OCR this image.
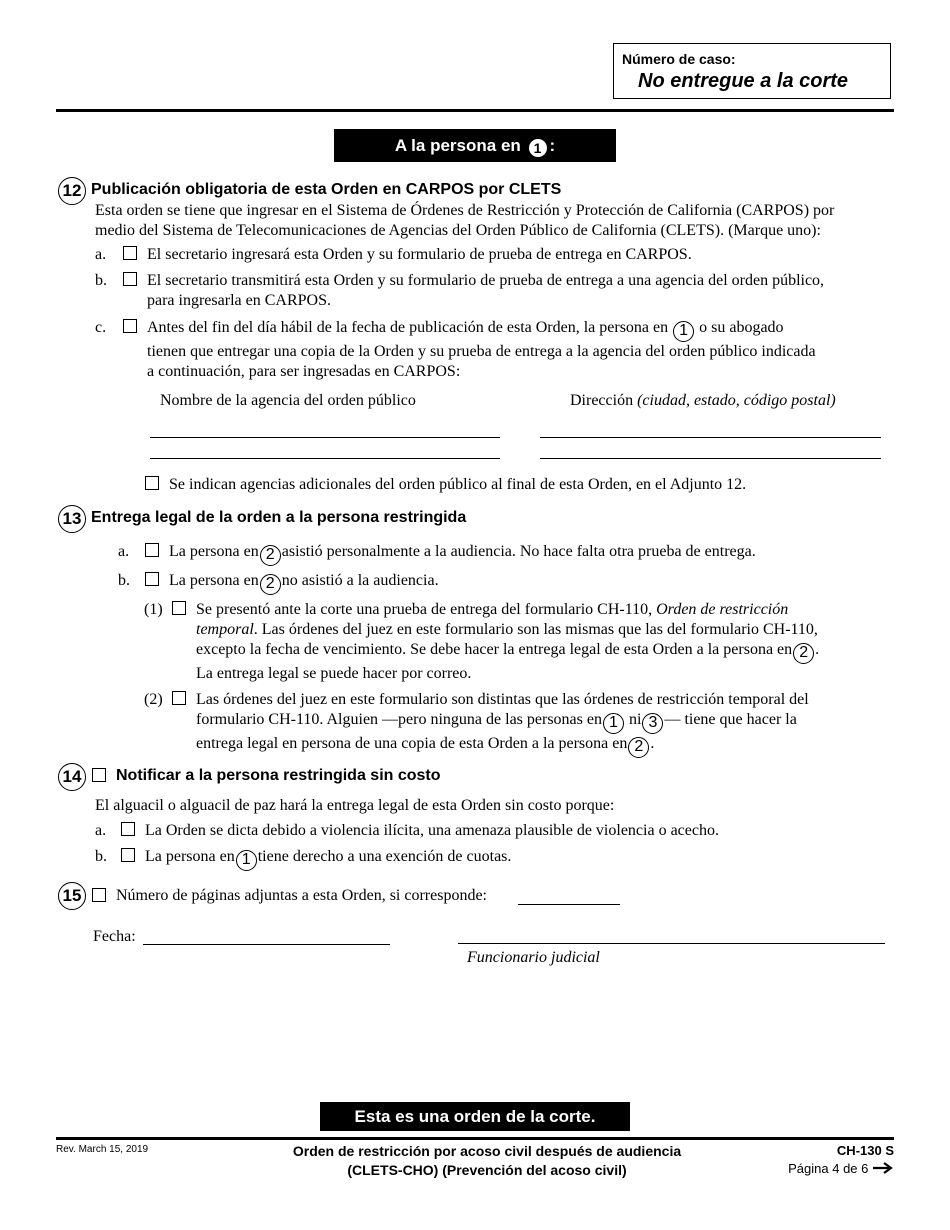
Número de caso:
No entregue a la corte
A la persona en 1 :
12 Publicación obligatoria de esta Orden en CARPOS por CLETS
Esta orden se tiene que ingresar en el Sistema de Órdenes de Restricción y Protección de California (CARPOS) por
medio del Sistema de Telecomunicaciones de Agencias del Orden Público de California (CLETS). (Marque uno):
a.	El secretario ingresará esta Orden y su formulario de prueba de entrega en CARPOS.
b.	El secretario transmitirá esta Orden y su formulario de prueba de entrega a una agencia del orden público,
para ingresarla en CARPOS.
c.	Antes del fin del día hábil de la fecha de publicación de esta Orden, la persona en 1 o su abogado
tienen que entregar una copia de la Orden y su prueba de entrega a la agencia del orden público indicada
a continuación, para ser ingresadas en CARPOS:
Nombre de la agencia del orden público	Dirección (ciudad, estado, código postal)
Se indican agencias adicionales del orden público al final de esta Orden, en el Adjunto 12.
13 Entrega legal de la orden a la persona restringida
a. La persona en 2 asistió personalmente a la audiencia. No hace falta otra prueba de entrega.
b. La persona en 2 no asistió a la audiencia.
(1) Se presentó ante la corte una prueba de entrega del formulario CH-110, Orden de restricción
temporal. Las órdenes del juez en este formulario son las mismas que las del formulario CH-110,
excepto la fecha de vencimiento. Se debe hacer la entrega legal de esta Orden a la persona en 2 .
La entrega legal se puede hacer por correo.
(2) Las órdenes del juez en este formulario son distintas que las órdenes de restricción temporal del
formulario CH-110. Alguien —pero ninguna de las personas en 1 ni 3 — tiene que hacer la
entrega legal en persona de una copia de esta Orden a la persona en 2 .
14 Notificar a la persona restringida sin costo
El alguacil o alguacil de paz hará la entrega legal de esta Orden sin costo porque:
a. La Orden se dicta debido a violencia ilícita, una amenaza plausible de violencia o acecho.
b. La persona en 1 tiene derecho a una exención de cuotas.
15 Número de páginas adjuntas a esta Orden, si corresponde:
Fecha:
Funcionario judicial
Esta es una orden de la corte.
Rev. March 15, 2019	Orden de restricción por acoso civil después de audiencia
(CLETS-CHO) (Prevención del acoso civil)
CH-130 S
Página 4 de 6
